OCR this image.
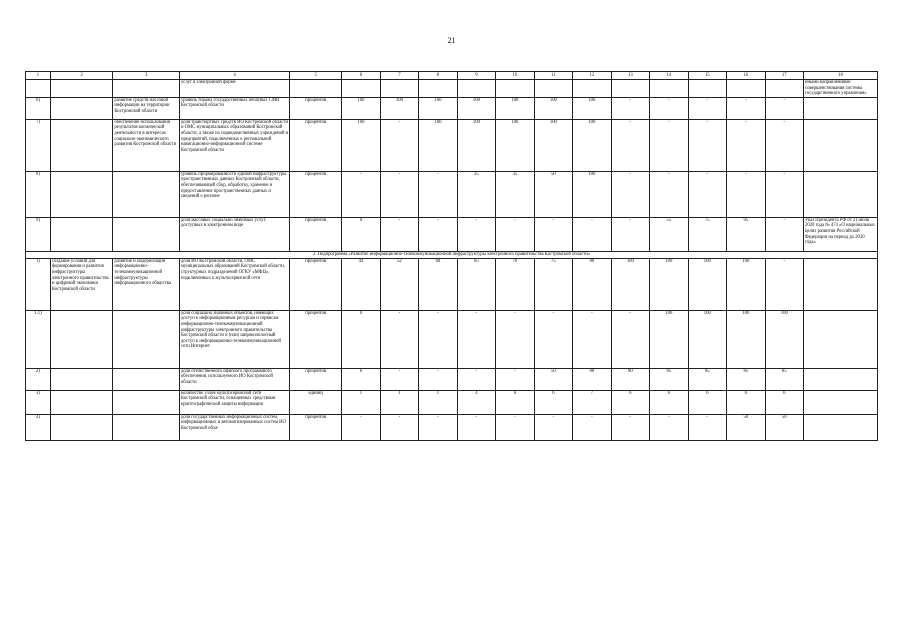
21
1	2	3	4	5	6	7	8	9	10	11	12	13	14	15	16	17	18
			услуг в электронной форме														иными направлениями совершенствования системы государственного управления»
6)		развитие средств массовой информации на территории Костромской области	уровень тиража государственных печатных СМИ Костромской области	процентов	100	100	100	100	100	100	100	-	-	-	-	-	
7)		обеспечение использования результатов космической деятельности в интересах социально-экономического развития Костромской области	доля транспортных средств ИО Костромской области и ОМС муниципальных образований Костромской области, а также их подведомственных учреждений и предприятий, подключенных к региональной навигационно-информационной системе Костромской области	процентов	100	-	100	100	100	100	100	-	-	-	-	-	
8)			уровень сформированности единой инфраструктуры пространственных данных Костромской области, обеспечивающей сбор, обработку, хранение и предоставление пространственных данных и сведений о регионе	процентов	-	-	-	35	35	50	100	-	-	-	-	-	
9)			доля массовых социально значимых услуг, доступных в электронном виде	процентов	0	-	-	-	-	-	-	-	55	75	95	-	Указ Президента РФ от 21 июля 2020 года № 474 «О национальных целях развития Российской Федерации на период до 2030 года»
2. Подпрограмма «Развитие информационно-телекоммуникационной инфраструктуры электронного правительства Костромской области»																	
1)	создание условий для формирования и развития инфраструктуры электронного правительства и цифровой экономики Костромской области	развитие и модернизация информационно-телекоммуникационной инфраструктуры информационного общества	доля ИО Костромской области, ОМС муниципальных образований Костромской области, структурных подразделений ОГКУ «МФЦ», подключенных к мультисервисной сети	процентов	44	52	60	65	70	75	80	100	100	100	100	-	
1.1)			доля социально значимых объектов, имеющих доступ к информационным ресурсам и сервисам информационно-телекоммуникационной инфраструктуры электронного правительства Костромской области и (или) широкополосный доступ к информационно-телекоммуникационной сети Интернет	процентов	0	-	-	-	-	-	-	-	100	100	100	100	
2)			доля отечественного офисного программного обеспечения, используемого ИО Костромской области	процентов	6	-	-	-	-	50	80	80	85	85	85	85	
3)			количество узлов мультисервисной сети Костромской области, оснащенных средствами криптографической защиты информации	единиц	1	1	1	4	6	6	7	6	6	6	6	6	
4)			доля государственных информационных систем, информационных и автоматизированных систем ИО Костромской обла-	процентов	-	-	-	-	-	-	-	-	-	-	50	50	
